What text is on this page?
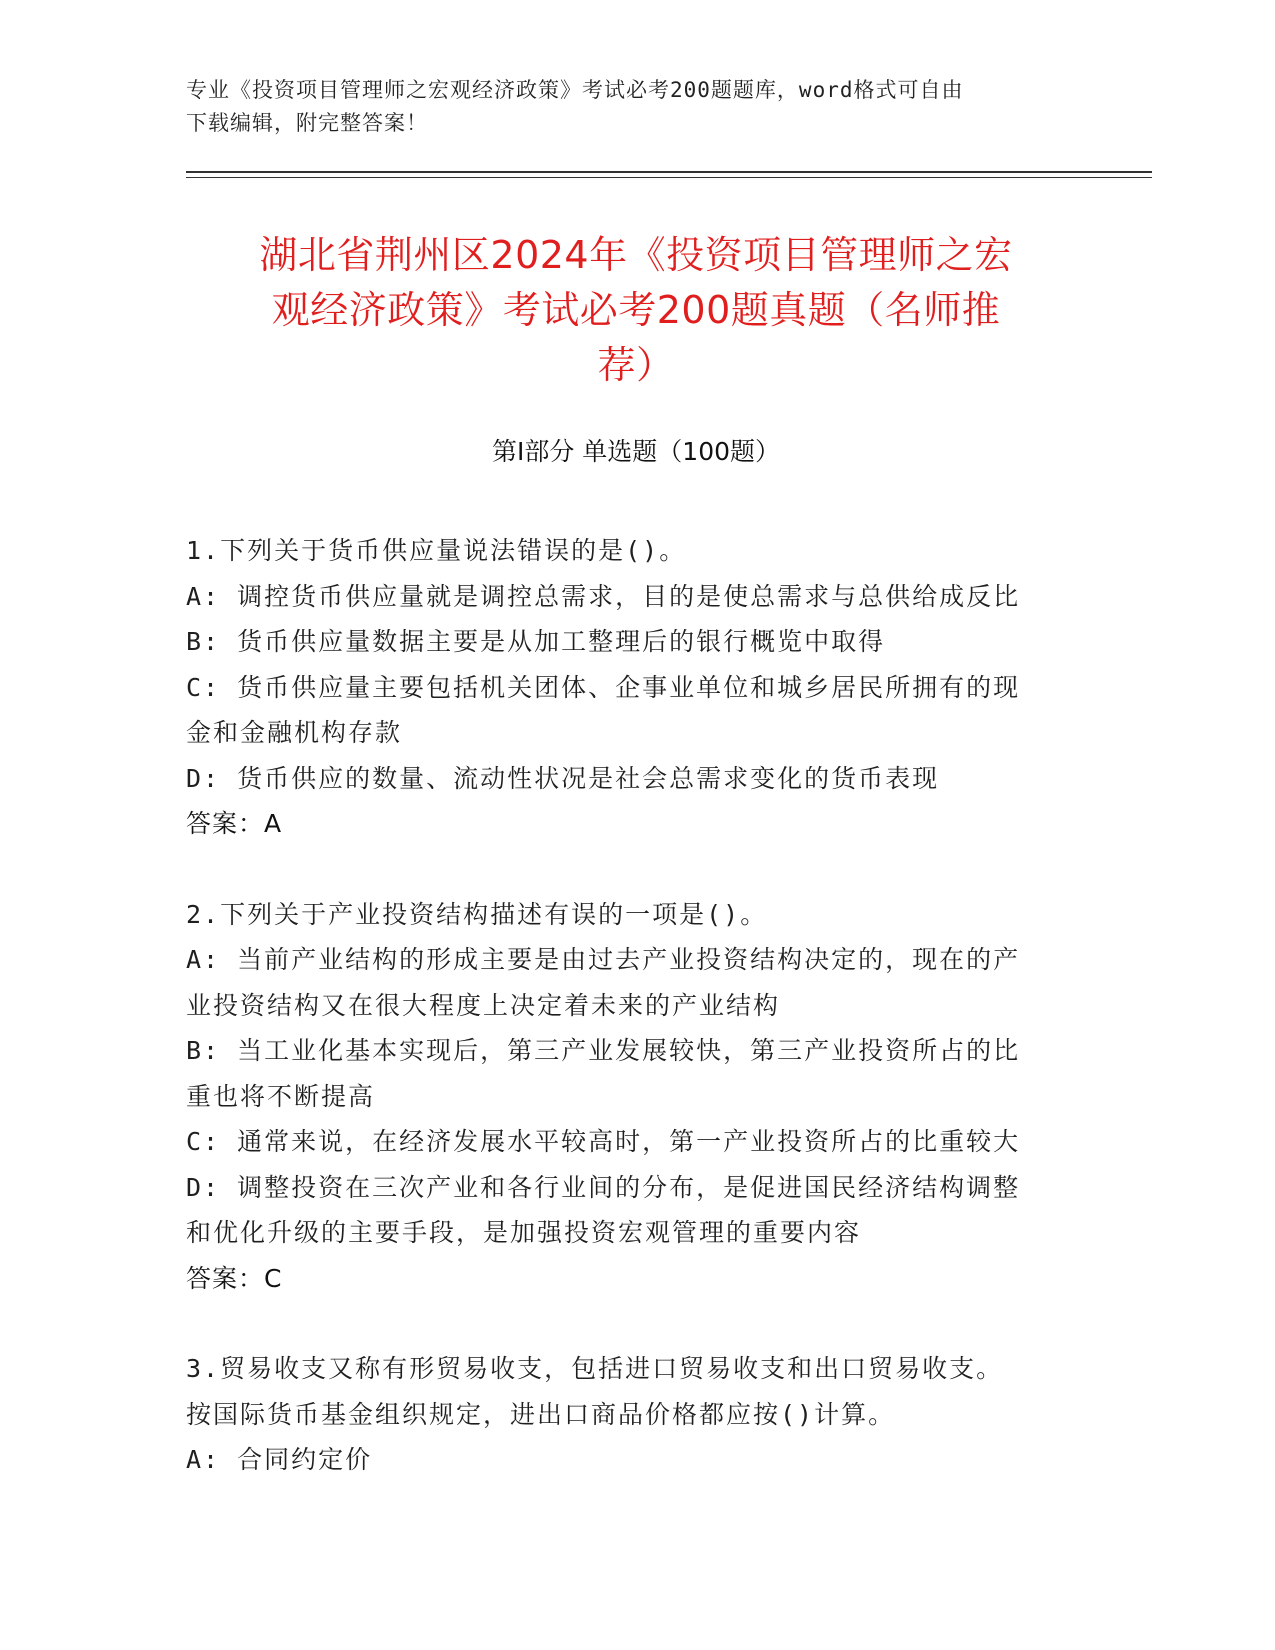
专业《投资项目管理师之宏观经济政策》考试必考200题题库，word格式可自由
下载编辑，附完整答案！
湖北省荆州区2024年《投资项目管理师之宏
观经济政策》考试必考200题真题（名师推
荐）
第Ⅰ部分 单选题（100题）
1.下列关于货币供应量说法错误的是()。
A: 调控货币供应量就是调控总需求，目的是使总需求与总供给成反比
B: 货币供应量数据主要是从加工整理后的银行概览中取得
C: 货币供应量主要包括机关团体、企事业单位和城乡居民所拥有的现
金和金融机构存款
D: 货币供应的数量、流动性状况是社会总需求变化的货币表现
答案：A
2.下列关于产业投资结构描述有误的一项是()。
A: 当前产业结构的形成主要是由过去产业投资结构决定的，现在的产
业投资结构又在很大程度上决定着未来的产业结构
B: 当工业化基本实现后，第三产业发展较快，第三产业投资所占的比
重也将不断提高
C: 通常来说，在经济发展水平较高时，第一产业投资所占的比重较大
D: 调整投资在三次产业和各行业间的分布，是促进国民经济结构调整
和优化升级的主要手段，是加强投资宏观管理的重要内容
答案：C
3.贸易收支又称有形贸易收支，包括进口贸易收支和出口贸易收支。
按国际货币基金组织规定，进出口商品价格都应按()计算。
A: 合同约定价
